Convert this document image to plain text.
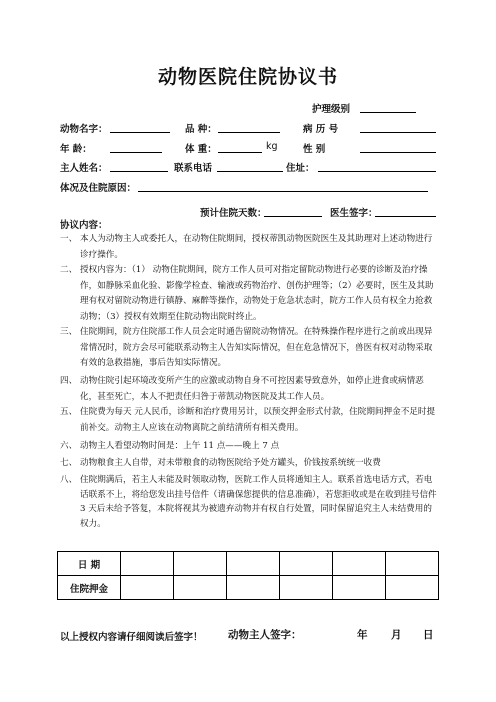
动物医院住院协议书
护理级别
动物名字：	品 种：	病 历 号
年 龄：	体 重：	kg	性 别
主人姓名：	联系电话	住址：
体况及住院原因：
预计住院天数：	医生签字：
协议内容：
一、 本人为动物主人或委托人，在动物住院期间，授权蒂凯动物医院医生及其助理对上述动物进行诊疗操作。
二、 授权内容为：（1） 动物住院期间，院方工作人员可对指定留院动物进行必要的诊断及治疗操作，如静脉采血化验、影像学检查、输液或药物治疗、创伤护理等；（2）必要时，医生及其助理有权对留院动物进行镇静、麻醉等操作，动物处于危急状态时，院方工作人员有权全力抢救动物；（3）授权有效期至住院动物出院时终止。
三、 住院期间，院方住院部工作人员会定时通告留院动物情况。在特殊操作程序进行之前或出现异常情况时，院方会尽可能联系动物主人告知实际情况，但在危急情况下，兽医有权对动物采取有效的急救措施，事后告知实际情况。
四、 动物住院引起环境改变所产生的应激或动物自身不可控因素导致意外，如停止进食或病情恶化，甚至死亡，本人不把责任归咎于蒂凯动物医院及其工作人员。
五、 住院费为每天 元人民币，诊断和治疗费用另计，以预交押金形式付款，住院期间押金不足时提前补交。动物主人应该在动物离院之前结清所有相关费用。
六、 动物主人看望动物时间是：上午 11 点——晚上 7 点
七、 动物粮食主人自带，对未带粮食的动物医院给予处方罐头，价钱按系统统一收费
八、 住院期满后，若主人未能及时领取动物，医院工作人员将通知主人。联系首选电话方式，若电话联系不上，将给您发出挂号信件（请确保您提供的信息准确），若您拒收或是在收到挂号信件 3 天后未给予答复，本院将视其为被遗弃动物并有权自行处置，同时保留追究主人未结费用的权力。
日 期						
住院押金						
以上授权内容请仔细阅读后签字！ 动物主人签字：	年 月 日
